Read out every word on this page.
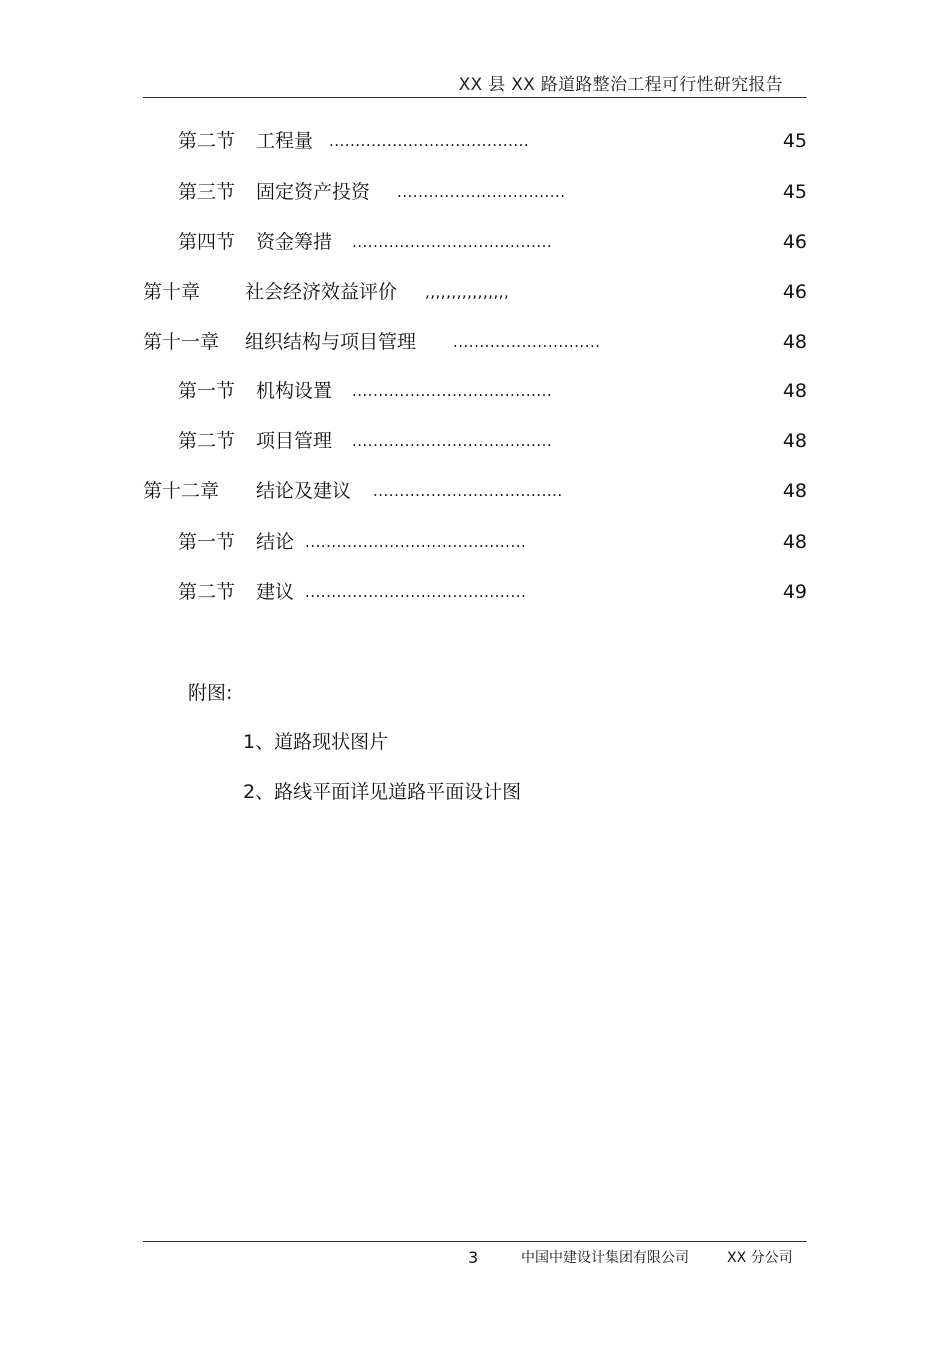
XX 县 XX 路道路整治工程可行性研究报告
第二节 工程量 ......................................	45
第三节 固定资产投资 ................................	45
第四节 资金筹措 ......................................	46
第十章 社会经济效益评价 ,,,,,,,,,,,,,,,,	46
第十一章 组织结构与项目管理 ............................	48
第一节 机构设置 ......................................	48
第二节 项目管理 ......................................	48
第十二章 结论及建议 ....................................	48
第一节 结论 ..........................................	48
第二节 建议 ..........................................	49
附图:
1、道路现状图片
2、路线平面详见道路平面设计图
3	中国中建设计集团有限公司	XX 分公司
